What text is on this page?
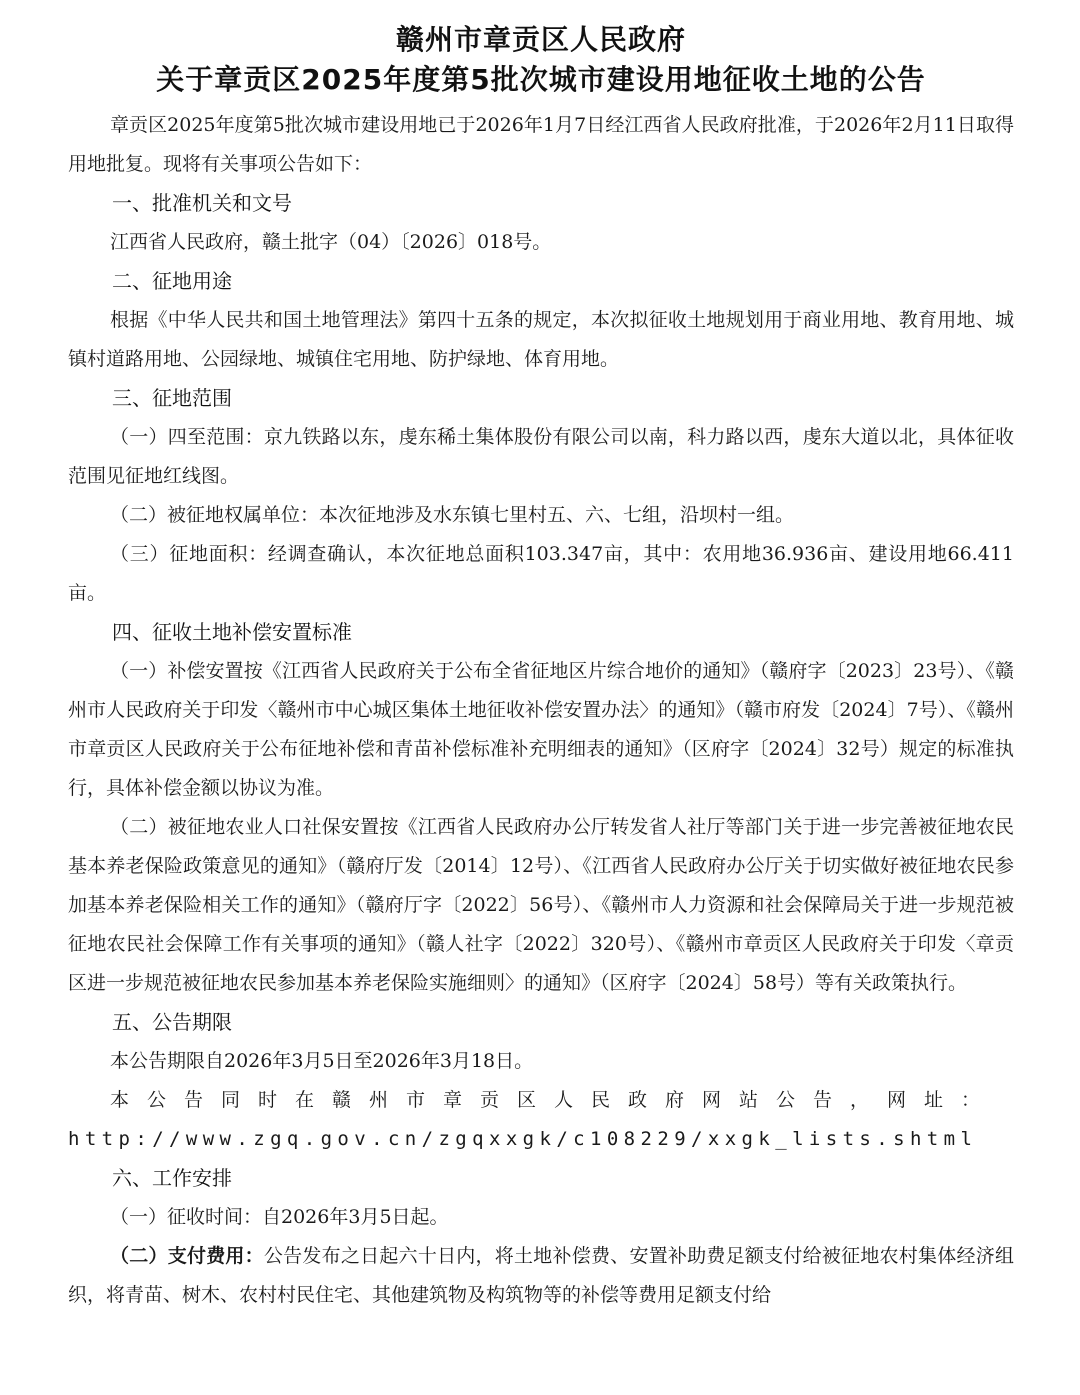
赣州市章贡区人民政府
关于章贡区2025年度第5批次城市建设用地征收土地的公告

章贡区2025年度第5批次城市建设用地已于2026年1月7日经江西省人民政府批准，于2026年2月11日取得用地批复。现将有关事项公告如下：

一、批准机关和文号

江西省人民政府，赣土批字（04）〔2026〕018号。

二、征地用途

根据《中华人民共和国土地管理法》第四十五条的规定，本次拟征收土地规划用于商业用地、教育用地、城镇村道路用地、公园绿地、城镇住宅用地、防护绿地、体育用地。

三、征地范围

（一）四至范围：京九铁路以东，虔东稀土集体股份有限公司以南，科力路以西，虔东大道以北，具体征收范围见征地红线图。

（二）被征地权属单位：本次征地涉及水东镇七里村五、六、七组，沿坝村一组。

（三）征地面积：经调查确认，本次征地总面积103.347亩，其中：农用地36.936亩、建设用地66.411亩。

四、征收土地补偿安置标准

（一）补偿安置按《江西省人民政府关于公布全省征地区片综合地价的通知》（赣府字〔2023〕23号）、《赣州市人民政府关于印发〈赣州市中心城区集体土地征收补偿安置办法〉的通知》（赣市府发〔2024〕7号）、《赣州市章贡区人民政府关于公布征地补偿和青苗补偿标准补充明细表的通知》（区府字〔2024〕32号）规定的标准执行，具体补偿金额以协议为准。

（二）被征地农业人口社保安置按《江西省人民政府办公厅转发省人社厅等部门关于进一步完善被征地农民基本养老保险政策意见的通知》（赣府厅发〔2014〕12号）、《江西省人民政府办公厅关于切实做好被征地农民参加基本养老保险相关工作的通知》（赣府厅字〔2022〕56号）、《赣州市人力资源和社会保障局关于进一步规范被征地农民社会保障工作有关事项的通知》（赣人社字〔2022〕320号）、《赣州市章贡区人民政府关于印发〈章贡区进一步规范被征地农民参加基本养老保险实施细则〉的通知》（区府字〔2024〕58号）等有关政策执行。

五、公告期限

本公告期限自2026年3月5日至2026年3月18日。

本公告同时在赣州市章贡区人民政府网站公告，网址：

http://www.zgq.gov.cn/zgqxxgk/c108229/xxgk_lists.shtml

六、工作安排

（一）征收时间：自2026年3月5日起。

（二）支付费用：公告发布之日起六十日内，将土地补偿费、安置补助费足额支付给被征地农村集体经济组织，将青苗、树木、农村村民住宅、其他建筑物及构筑物等的补偿等费用足额支付给
